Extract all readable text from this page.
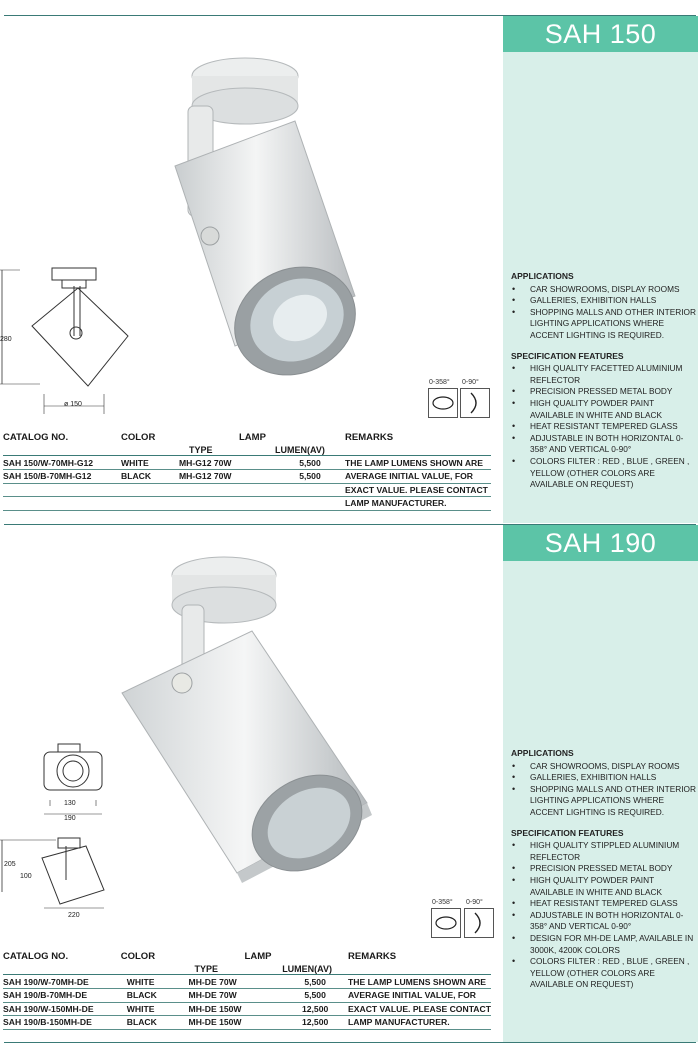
280
ø 150
0-358° 0-90°
CATALOG NO.	COLOR	LAMP		REMARKS
		TYPE	LUMEN(AV)	

SAH 150/W-70MH-G12	WHITE	MH-G12 70W	5,500	THE LAMP LUMENS SHOWN ARE
SAH 150/B-70MH-G12	BLACK	MH-G12 70W	5,500	AVERAGE INITIAL VALUE, FOR
				EXACT VALUE. PLEASE CONTACT
				LAMP MANUFACTURER.
SAH 150
APPLICATIONS
• CAR SHOWROOMS, DISPLAY ROOMS
• GALLERIES, EXHIBITION HALLS
• SHOPPING MALLS AND OTHER INTERIOR LIGHTING APPLICATIONS WHERE ACCENT LIGHTING IS REQUIRED.
SPECIFICATION FEATURES
• HIGH QUALITY FACETTED ALUMINIUM REFLECTOR
• PRECISION PRESSED METAL BODY
• HIGH QUALITY POWDER PAINT AVAILABLE IN WHITE AND BLACK
• HEAT RESISTANT TEMPERED GLASS
• ADJUSTABLE IN BOTH HORIZONTAL 0-358° AND VERTICAL 0-90°
• COLORS FILTER : RED , BLUE , GREEN , YELLOW (OTHER COLORS ARE AVAILABLE ON REQUEST)
130
190
205
100
220
0-358° 0-90°
CATALOG NO.	COLOR	LAMP		REMARKS
		TYPE	LUMEN(AV)	

SAH 190/W-70MH-DE	WHITE	MH-DE 70W	5,500	THE LAMP LUMENS SHOWN ARE
SAH 190/B-70MH-DE	BLACK	MH-DE 70W	5,500	AVERAGE INITIAL VALUE, FOR
SAH 190/W-150MH-DE	WHITE	MH-DE 150W	12,500	EXACT VALUE. PLEASE CONTACT
SAH 190/B-150MH-DE	BLACK	MH-DE 150W	12,500	LAMP MANUFACTURER.
SAH 190
APPLICATIONS
• CAR SHOWROOMS, DISPLAY ROOMS
• GALLERIES, EXHIBITION HALLS
• SHOPPING MALLS AND OTHER INTERIOR LIGHTING APPLICATIONS WHERE ACCENT LIGHTING IS REQUIRED.
SPECIFICATION FEATURES
• HIGH QUALITY STIPPLED ALUMINIUM REFLECTOR
• PRECISION PRESSED METAL BODY
• HIGH QUALITY POWDER PAINT AVAILABLE IN WHITE AND BLACK
• HEAT RESISTANT TEMPERED GLASS
• ADJUSTABLE IN BOTH HORIZONTAL 0-358° AND VERTICAL 0-90°
• DESIGN FOR MH-DE LAMP, AVAILABLE IN 3000K, 4200K COLORS
• COLORS FILTER : RED , BLUE , GREEN , YELLOW (OTHER COLORS ARE AVAILABLE ON REQUEST)
